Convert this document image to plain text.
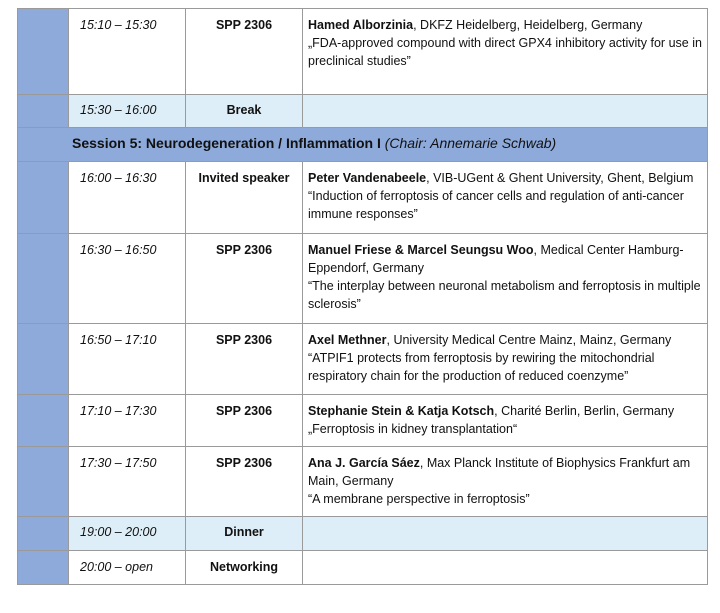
	15:10 – 15:30	SPP 2306	Hamed Alborzinia, DKFZ Heidelberg, Heidelberg, Germany
„FDA-approved compound with direct GPX4 inhibitory activity for use in preclinical studies”

	15:30 – 16:00	Break	
Session 5: Neurodegeneration / Inflammation I (Chair: Annemarie Schwab)			
	16:00 – 16:30	Invited speaker	Peter Vandenabeele, VIB-UGent & Ghent University, Ghent, Belgium
“Induction of ferroptosis of cancer cells and regulation of anti-cancer immune responses”

	16:30 – 16:50	SPP 2306	Manuel Friese & Marcel Seungsu Woo, Medical Center Hamburg-Eppendorf, Germany
“The interplay between neuronal metabolism and ferroptosis in multiple sclerosis”

	16:50 – 17:10	SPP 2306	Axel Methner, University Medical Centre Mainz, Mainz, Germany
“ATPIF1 protects from ferroptosis by rewiring the mitochondrial respiratory chain for the production of reduced coenzyme”

	17:10 – 17:30	SPP 2306	Stephanie Stein & Katja Kotsch, Charité Berlin, Berlin, Germany
„Ferroptosis in kidney transplantation“

	17:30 – 17:50	SPP 2306	Ana J. García Sáez, Max Planck Institute of Biophysics Frankfurt am Main, Germany
“A membrane perspective in ferroptosis”

	19:00 – 20:00	Dinner	
	20:00 – open	Networking	
